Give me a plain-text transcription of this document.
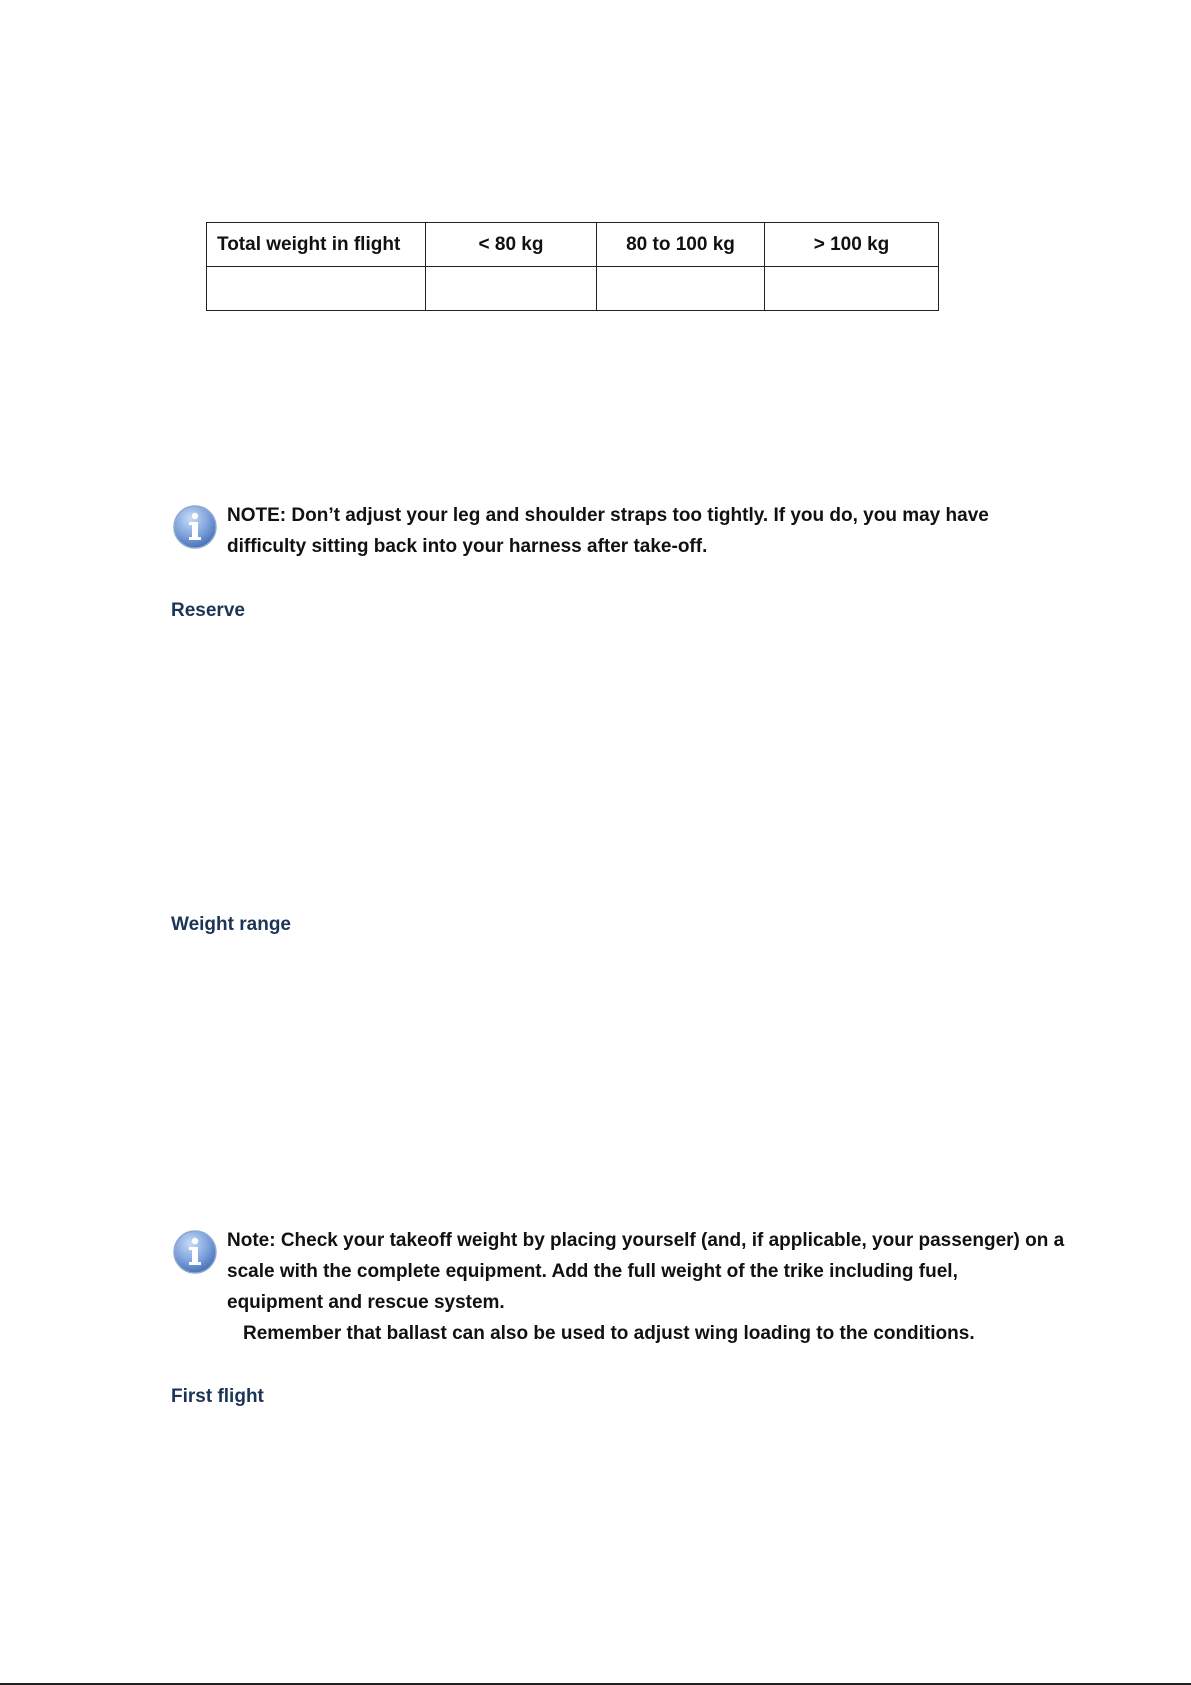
Total weight in flight	< 80 kg	80 to 100 kg	> 100 kg

NOTE: Don’t adjust your leg and shoulder straps too tightly. If you do, you may have

difficulty sitting back into your harness after take-off.

Reserve
Weight range

Note: Check your takeoff weight by placing yourself (and, if applicable, your passenger) on a

scale with the complete equipment. Add the full weight of the trike including fuel,

equipment and rescue system.

Remember that ballast can also be used to adjust wing loading to the conditions.

First flight
